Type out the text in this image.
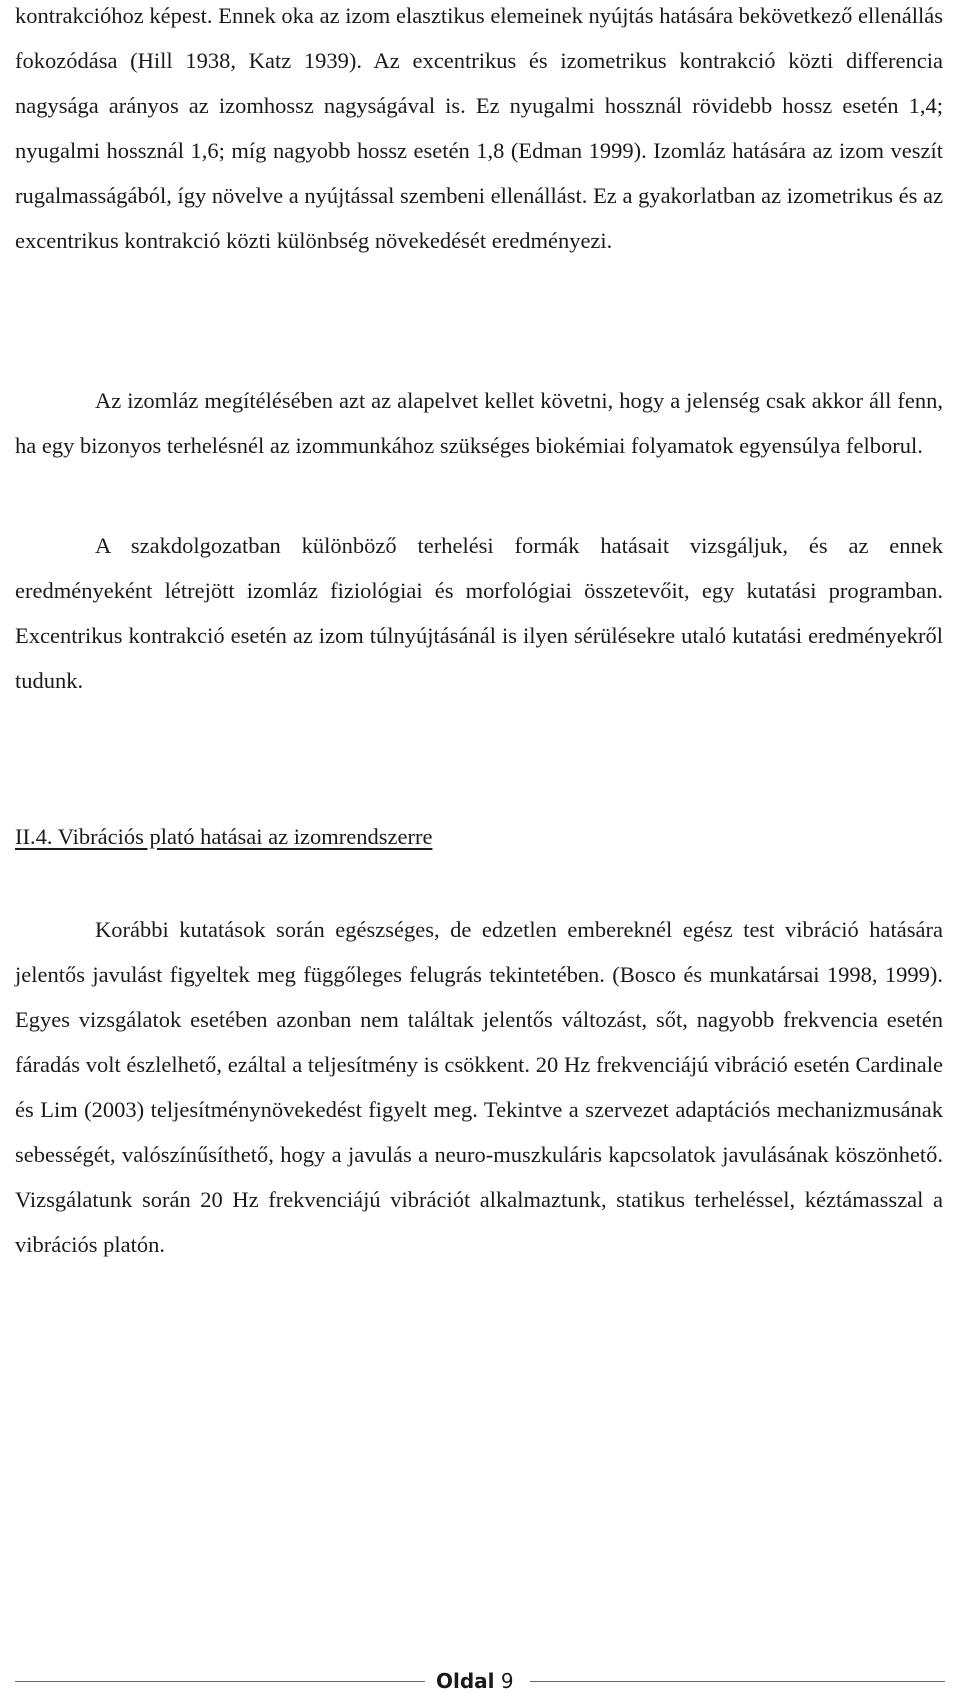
kontrakcióhoz képest. Ennek oka az izom elasztikus elemeinek nyújtás hatására bekövetkező ellenállás fokozódása (Hill 1938, Katz 1939). Az excentrikus és izometrikus kontrakció közti differencia nagysága arányos az izomhossz nagyságával is. Ez nyugalmi hossznál rövidebb hossz esetén 1,4; nyugalmi hossznál 1,6; míg nagyobb hossz esetén 1,8 (Edman 1999). Izomláz hatására az izom veszít rugalmasságából, így növelve a nyújtással szembeni ellenállást. Ez a gyakorlatban az izometrikus és az excentrikus kontrakció közti különbség növekedését eredményezi.

Az izomláz megítélésében azt az alapelvet kellet követni, hogy a jelenség csak akkor áll fenn, ha egy bizonyos terhelésnél az izommunkához szükséges biokémiai folyamatok egyensúlya felborul.

A szakdolgozatban különböző terhelési formák hatásait vizsgáljuk, és az ennek eredményeként létrejött izomláz fiziológiai és morfológiai összetevőit, egy kutatási programban. Excentrikus kontrakció esetén az izom túlnyújtásánál is ilyen sérülésekre utaló kutatási eredményekről tudunk.

II.4. Vibrációs plató hatásai az izomrendszerre

Korábbi kutatások során egészséges, de edzetlen embereknél egész test vibráció hatására jelentős javulást figyeltek meg függőleges felugrás tekintetében. (Bosco és munkatársai 1998, 1999). Egyes vizsgálatok esetében azonban nem találtak jelentős változást, sőt, nagyobb frekvencia esetén fáradás volt észlelhető, ezáltal a teljesítmény is csökkent. 20 Hz frekvenciájú vibráció esetén Cardinale és Lim (2003) teljesítménynövekedést figyelt meg. Tekintve a szervezet adaptációs mechanizmusának sebességét, valószínűsíthető, hogy a javulás a neuro-muszkuláris kapcsolatok javulásának köszönhető. Vizsgálatunk során 20 Hz frekvenciájú vibrációt alkalmaztunk, statikus terheléssel, kéztámasszal a vibrációs platón.

Oldal 9
